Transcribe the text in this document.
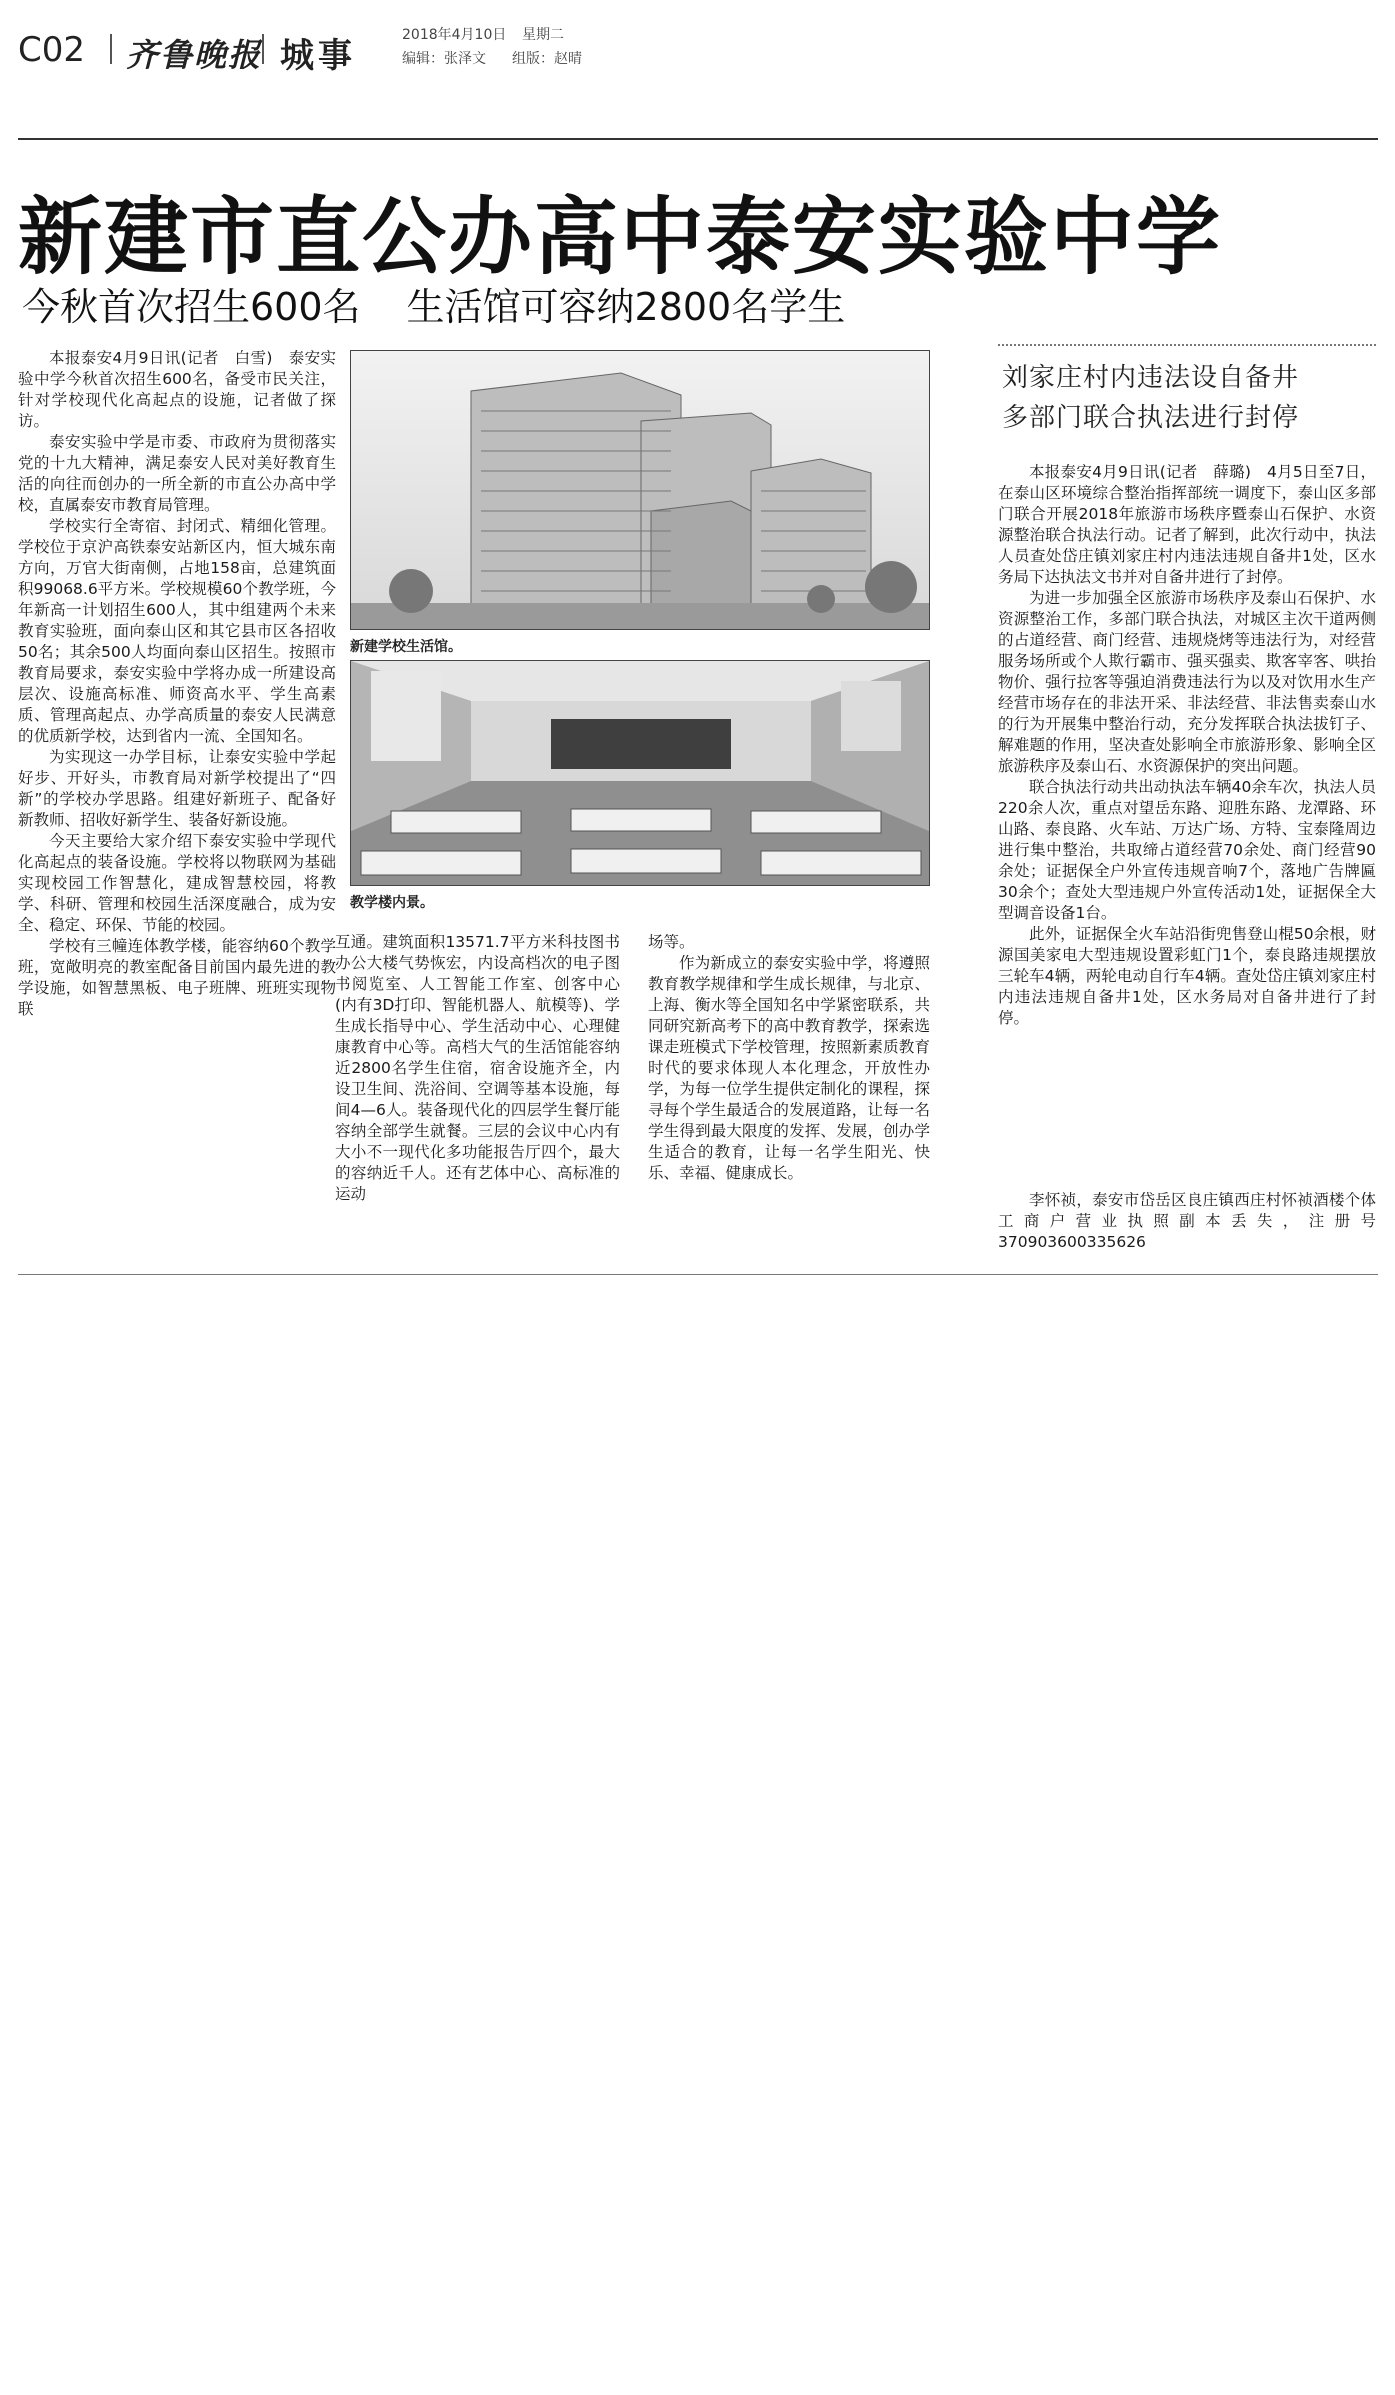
C02 齐鲁晚报 城事
2018年4月10日 星期二
编辑：张泽文 组版：赵晴
新建市直公办高中泰安实验中学
今秋首次招生600名 生活馆可容纳2800名学生

本报泰安4月9日讯(记者　白雪)　泰安实验中学今秋首次招生600名，备受市民关注，针对学校现代化高起点的设施，记者做了探访。

泰安实验中学是市委、市政府为贯彻落实党的十九大精神，满足泰安人民对美好教育生活的向往而创办的一所全新的市直公办高中学校，直属泰安市教育局管理。

学校实行全寄宿、封闭式、精细化管理。学校位于京沪高铁泰安站新区内，恒大城东南方向，万官大街南侧，占地158亩，总建筑面积99068.6平方米。学校规模60个教学班，今年新高一计划招生600人，其中组建两个未来教育实验班，面向泰山区和其它县市区各招收50名；其余500人均面向泰山区招生。按照市教育局要求，泰安实验中学将办成一所建设高层次、设施高标准、师资高水平、学生高素质、管理高起点、办学高质量的泰安人民满意的优质新学校，达到省内一流、全国知名。

为实现这一办学目标，让泰安实验中学起好步、开好头，市教育局对新学校提出了“四新”的学校办学思路。组建好新班子、配备好新教师、招收好新学生、装备好新设施。

今天主要给大家介绍下泰安实验中学现代化高起点的装备设施。学校将以物联网为基础实现校园工作智慧化，建成智慧校园，将教学、科研、管理和校园生活深度融合，成为安全、稳定、环保、节能的校园。

学校有三幢连体教学楼，能容纳60个教学班，宽敞明亮的教室配备目前国内最先进的教学设施，如智慧黑板、电子班牌、班班实现物联

新建学校生活馆。
教学楼内景。

互通。建筑面积13571.7平方米科技图书办公大楼气势恢宏，内设高档次的电子图书阅览室、人工智能工作室、创客中心(内有3D打印、智能机器人、航模等)、学生成长指导中心、学生活动中心、心理健康教育中心等。高档大气的生活馆能容纳近2800名学生住宿，宿舍设施齐全，内设卫生间、洗浴间、空调等基本设施，每间4—6人。装备现代化的四层学生餐厅能容纳全部学生就餐。三层的会议中心内有大小不一现代化多功能报告厅四个，最大的容纳近千人。还有艺体中心、高标准的运动

场等。

作为新成立的泰安实验中学，将遵照教育教学规律和学生成长规律，与北京、上海、衡水等全国知名中学紧密联系，共同研究新高考下的高中教育教学，探索选课走班模式下学校管理，按照新素质教育时代的要求体现人本化理念，开放性办学，为每一位学生提供定制化的课程，探寻每个学生最适合的发展道路，让每一名学生得到最大限度的发挥、发展，创办学生适合的教育，让每一名学生阳光、快乐、幸福、健康成长。

刘家庄村内违法设自备井
多部门联合执法进行封停

本报泰安4月9日讯(记者　薛璐)　4月5日至7日，在泰山区环境综合整治指挥部统一调度下，泰山区多部门联合开展2018年旅游市场秩序暨泰山石保护、水资源整治联合执法行动。记者了解到，此次行动中，执法人员查处岱庄镇刘家庄村内违法违规自备井1处，区水务局下达执法文书并对自备井进行了封停。

为进一步加强全区旅游市场秩序及泰山石保护、水资源整治工作，多部门联合执法，对城区主次干道两侧的占道经营、商门经营、违规烧烤等违法行为，对经营服务场所或个人欺行霸市、强买强卖、欺客宰客、哄抬物价、强行拉客等强迫消费违法行为以及对饮用水生产经营市场存在的非法开采、非法经营、非法售卖泰山水的行为开展集中整治行动，充分发挥联合执法拔钉子、解难题的作用，坚决查处影响全市旅游形象、影响全区旅游秩序及泰山石、水资源保护的突出问题。

联合执法行动共出动执法车辆40余车次，执法人员220余人次，重点对望岳东路、迎胜东路、龙潭路、环山路、泰良路、火车站、万达广场、方特、宝泰隆周边进行集中整治，共取缔占道经营70余处、商门经营90余处；证据保全户外宣传违规音响7个，落地广告牌匾30余个；查处大型违规户外宣传活动1处，证据保全大型调音设备1台。

此外，证据保全火车站沿街兜售登山棍50余根，财源国美家电大型违规设置彩虹门1个，泰良路违规摆放三轮车4辆，两轮电动自行车4辆。查处岱庄镇刘家庄村内违法违规自备井1处，区水务局对自备井进行了封停。

李怀祯，泰安市岱岳区良庄镇西庄村怀祯酒楼个体工商户营业执照副本丢失，注册号370903600335626
